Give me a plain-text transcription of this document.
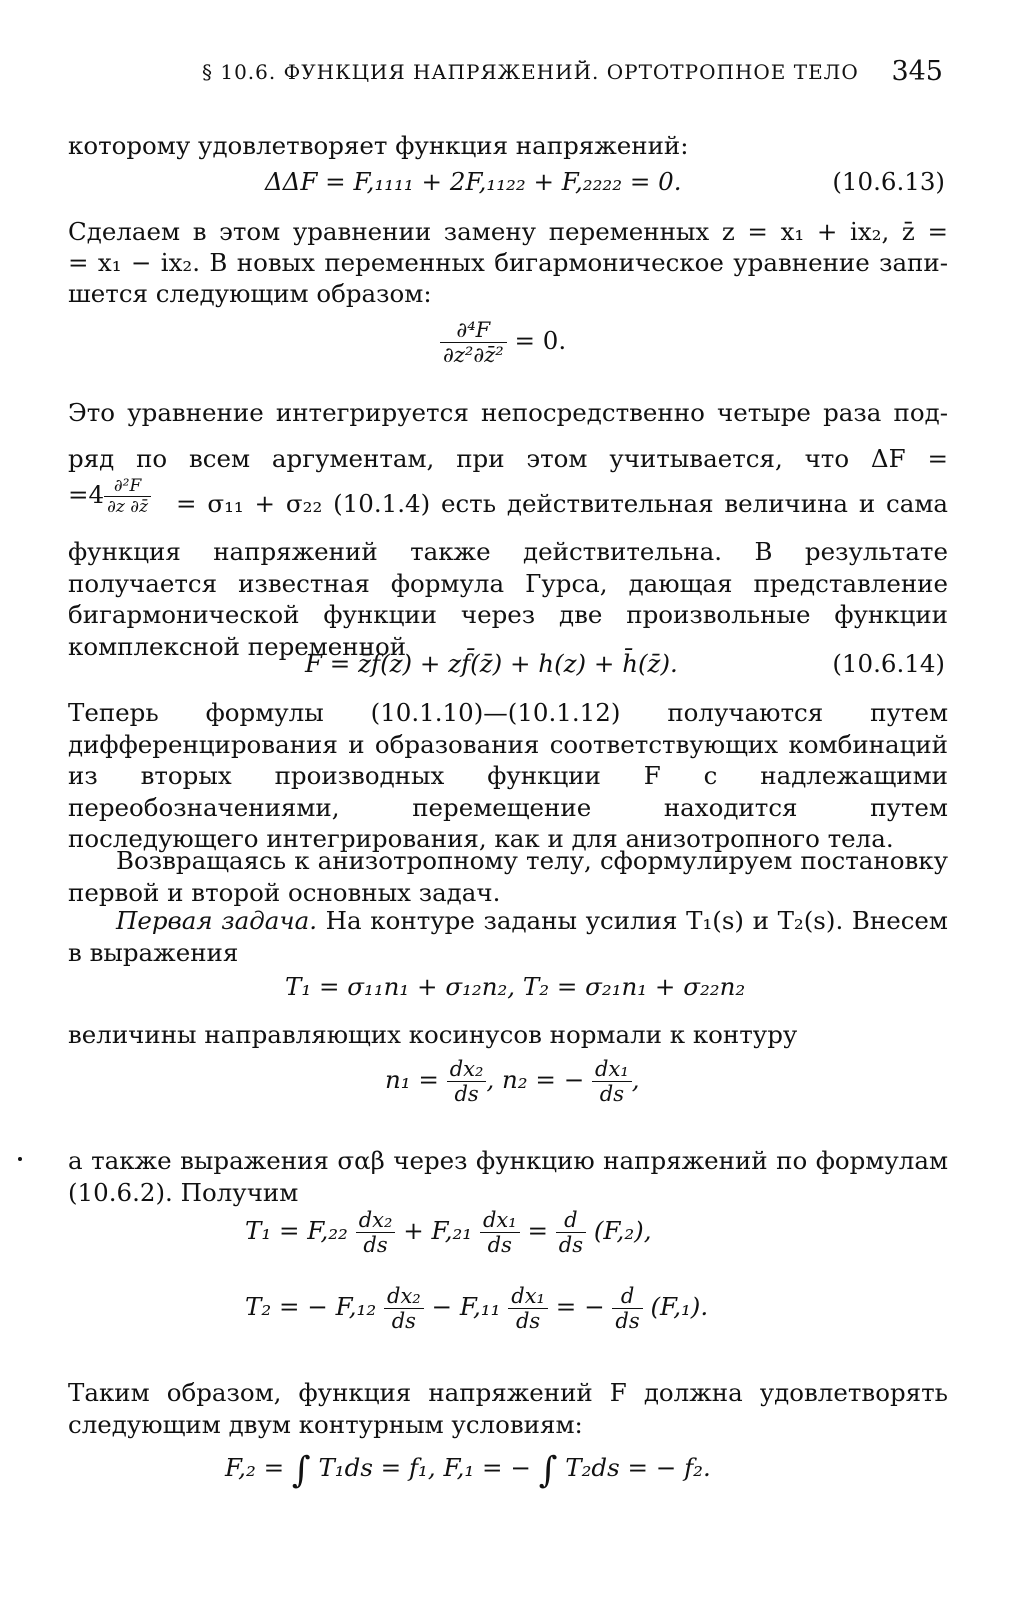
§ 10.6. ФУНКЦИЯ НАПРЯЖЕНИЙ. ОРТОТРОПНОЕ ТЕЛО 345
которому удовлетворяет функция напряжений:
ΔΔF = F,₁₁₁₁ + 2F,₁₁₂₂ + F,₂₂₂₂ = 0.	(10.6.13)
Сделаем в этом уравнении замену переменных z = x₁ + ix₂, z̄ =
= x₁ − ix₂. В новых переменных бигармоническое уравнение запи-
шется следующим образом:
$\frac{\text{∂⁴F}}{\text{∂z²∂z̄²}} = 0$.
Это уравнение интегрируется непосредственно четыре раза под-
ряд по всем аргументам, при этом учитывается, что ΔF =
$=4 \frac{\text{∂²F}}{\partial z \partial z̄} = \sigma_{11} + \sigma_{22}$ (10.1.4) есть действительная величина и сама
функция напряжений также действительна. В результате получается известная формула Гурса, дающая представление бигармонической функции через две произвольные функции комплексной переменной
F = z̄f(z) + zf̄(z̄) + h(z) + h̄(z̄).	(10.6.14)
Теперь формулы (10.1.10)—(10.1.12) получаются путем дифференцирования и образования соответствующих комбинаций из вторых производных функции F с надлежащими переобозначениями, перемещение находится путем последующего интегрирования, как и для анизотропного тела.
Возвращаясь к анизотропному телу, сформулируем постановку первой и второй основных задач.
Первая задача. На контуре заданы усилия T₁(s) и T₂(s). Внесем в выражения
T₁ = σ₁₁n₁ + σ₁₂n₂, T₂ = σ₂₁n₁ + σ₂₂n₂
величины направляющих косинусов нормали к контуру
$n_1 = \frac{\text{dx₂}}{ds}$ , n₂ = − $\frac{\text{dx₁}}{ds}$ ,
а также выражения σαβ через функцию напряжений по формулам (10.6.2). Получим
$T_1 = F,_{22} \frac{\text{dx₂}}{ds} + F,_{21} \frac{\text{dx₁}}{ds} = \frac{d}{ds} (F,_2)$,
T₂ = − $F,_{12} \frac{\text{dx₂}}{ds} - F,_{11} \frac{\text{dx₁}}{ds}$ = − $\frac{d}{ds} (F,_1)$.
Таким образом, функция напряжений F должна удовлетворять следующим двум контурным условиям:
F,₂ = ∫ T₁ds = f₁, F,₁ = − ∫ T₂ds = − f₂.
